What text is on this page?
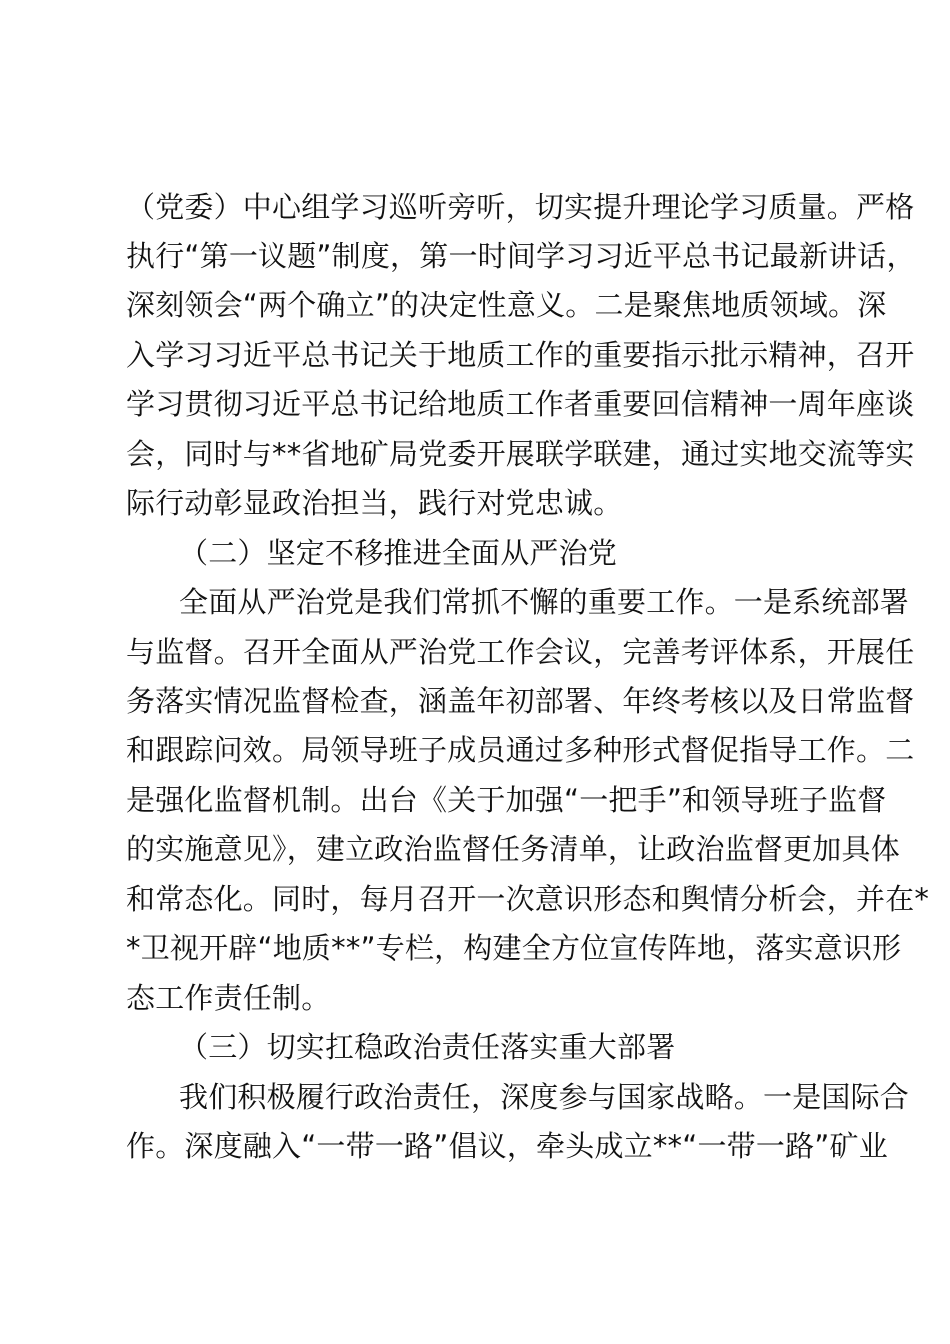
（党委）中心组学习巡听旁听，切实提升理论学习质量。严格
执行“第一议题”制度，第一时间学习习近平总书记最新讲话，
深刻领会“两个确立”的决定性意义。二是聚焦地质领域。深
入学习习近平总书记关于地质工作的重要指示批示精神，召开
学习贯彻习近平总书记给地质工作者重要回信精神一周年座谈
会，同时与**省地矿局党委开展联学联建，通过实地交流等实
际行动彰显政治担当，践行对党忠诚。
（二）坚定不移推进全面从严治党
全面从严治党是我们常抓不懈的重要工作。一是系统部署
与监督。召开全面从严治党工作会议，完善考评体系，开展任
务落实情况监督检查，涵盖年初部署、年终考核以及日常监督
和跟踪问效。局领导班子成员通过多种形式督促指导工作。二
是强化监督机制。出台《关于加强“一把手”和领导班子监督
的实施意见》，建立政治监督任务清单，让政治监督更加具体
和常态化。同时，每月召开一次意识形态和舆情分析会，并在*
*卫视开辟“地质**”专栏，构建全方位宣传阵地，落实意识形
态工作责任制。
（三）切实扛稳政治责任落实重大部署
我们积极履行政治责任，深度参与国家战略。一是国际合
作。深度融入“一带一路”倡议，牵头成立**“一带一路”矿业
